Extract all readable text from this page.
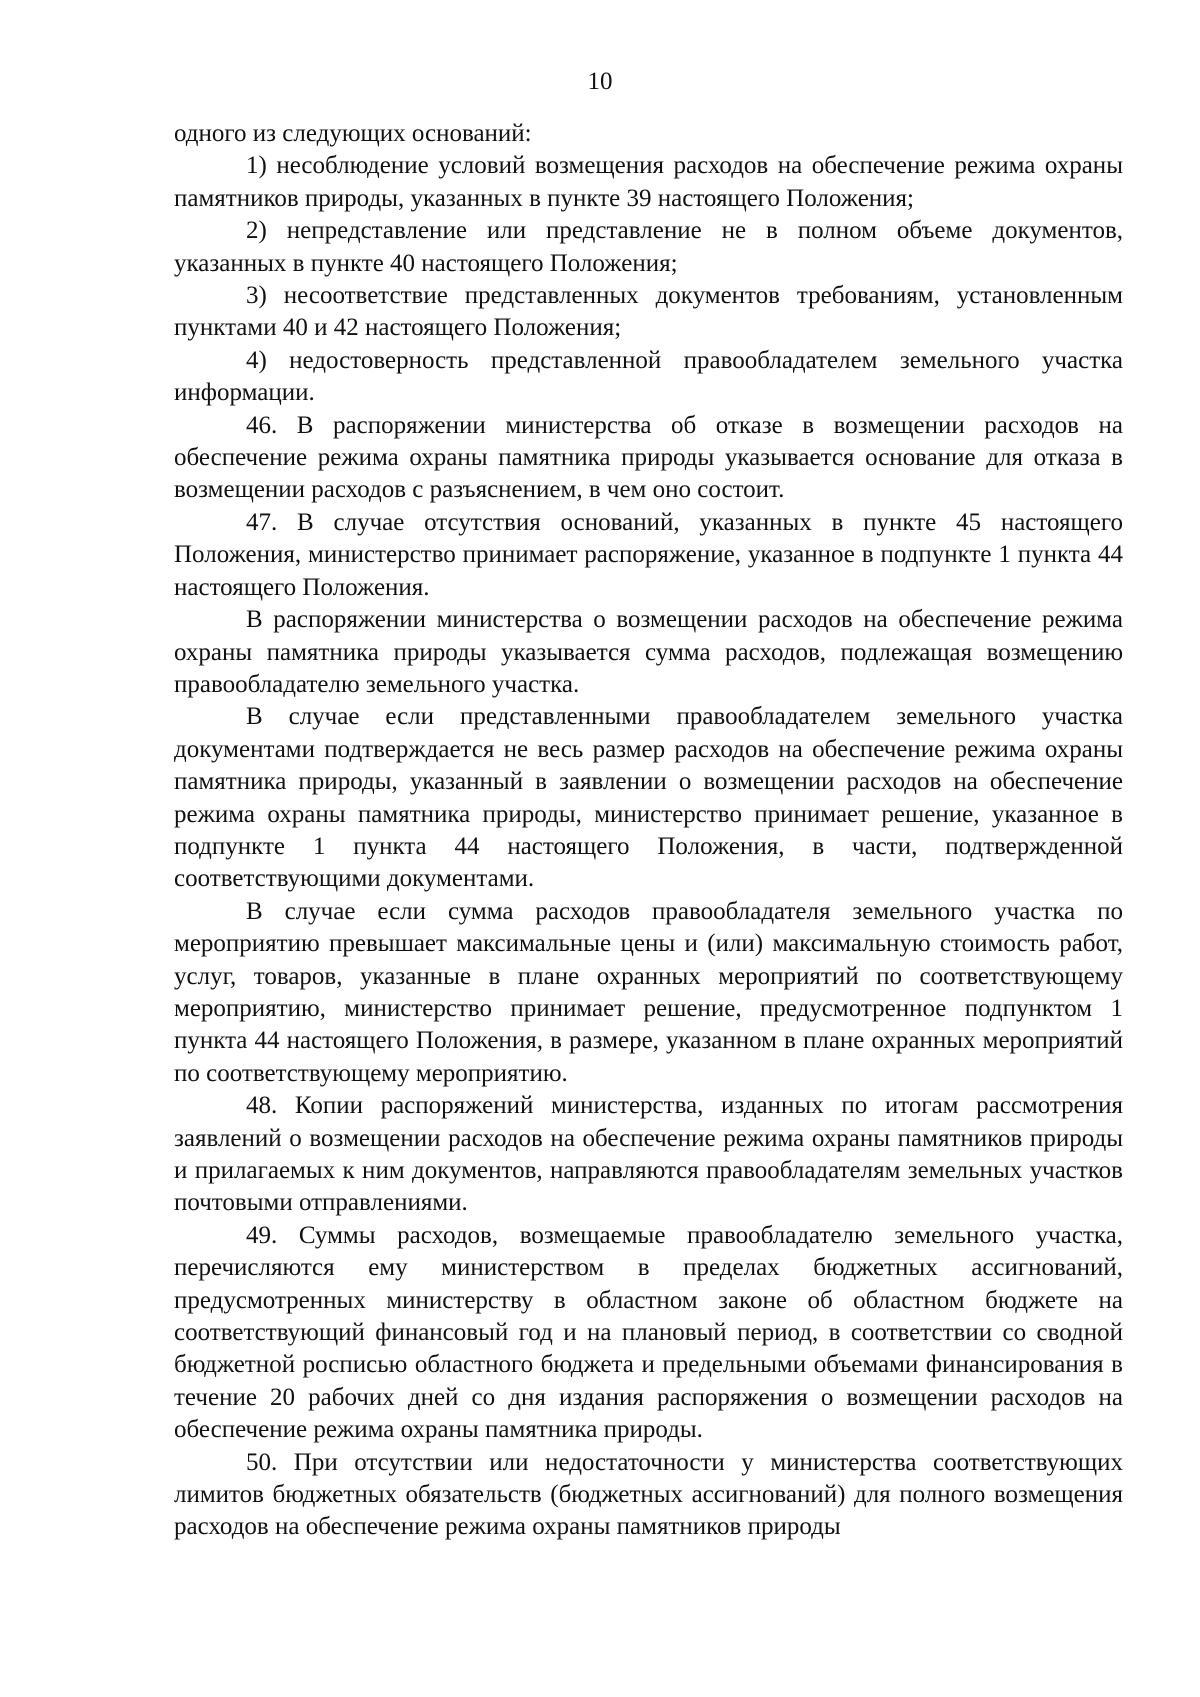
10

одного из следующих оснований:

1) несоблюдение условий возмещения расходов на обеспечение режима охраны памятников природы, указанных в пункте 39 настоящего Положения;

2) непредставление или представление не в полном объеме документов, указанных в пункте 40 настоящего Положения;

3) несоответствие представленных документов требованиям, установленным пунктами 40 и 42 настоящего Положения;

4) недостоверность представленной правообладателем земельного участка информации.

46. В распоряжении министерства об отказе в возмещении расходов на обеспечение режима охраны памятника природы указывается основание для отказа в возмещении расходов с разъяснением, в чем оно состоит.

47. В случае отсутствия оснований, указанных в пункте 45 настоящего Положения, министерство принимает распоряжение, указанное в подпункте 1 пункта 44 настоящего Положения.

В распоряжении министерства о возмещении расходов на обеспечение режима охраны памятника природы указывается сумма расходов, подлежащая возмещению правообладателю земельного участка.

В случае если представленными правообладателем земельного участка документами подтверждается не весь размер расходов на обеспечение режима охраны памятника природы, указанный в заявлении о возмещении расходов на обеспечение режима охраны памятника природы, министерство принимает решение, указанное в подпункте 1 пункта 44 настоящего Положения, в части, подтвержденной соответствующими документами.

В случае если сумма расходов правообладателя земельного участка по мероприятию превышает максимальные цены и (или) максимальную стоимость работ, услуг, товаров, указанные в плане охранных мероприятий по соответствующему мероприятию, министерство принимает решение, предусмотренное подпунктом 1 пункта 44 настоящего Положения, в размере, указанном в плане охранных мероприятий по соответствующему мероприятию.

48. Копии распоряжений министерства, изданных по итогам рассмотрения заявлений о возмещении расходов на обеспечение режима охраны памятников природы и прилагаемых к ним документов, направляются правообладателям земельных участков почтовыми отправлениями.

49. Суммы расходов, возмещаемые правообладателю земельного участка, перечисляются ему министерством в пределах бюджетных ассигнований, предусмотренных министерству в областном законе об областном бюджете на соответствующий финансовый год и на плановый период, в соответствии со сводной бюджетной росписью областного бюджета и предельными объемами финансирования в течение 20 рабочих дней со дня издания распоряжения о возмещении расходов на обеспечение режима охраны памятника природы.

50. При отсутствии или недостаточности у министерства соответствующих лимитов бюджетных обязательств (бюджетных ассигнований) для полного возмещения расходов на обеспечение режима охраны памятников природы
